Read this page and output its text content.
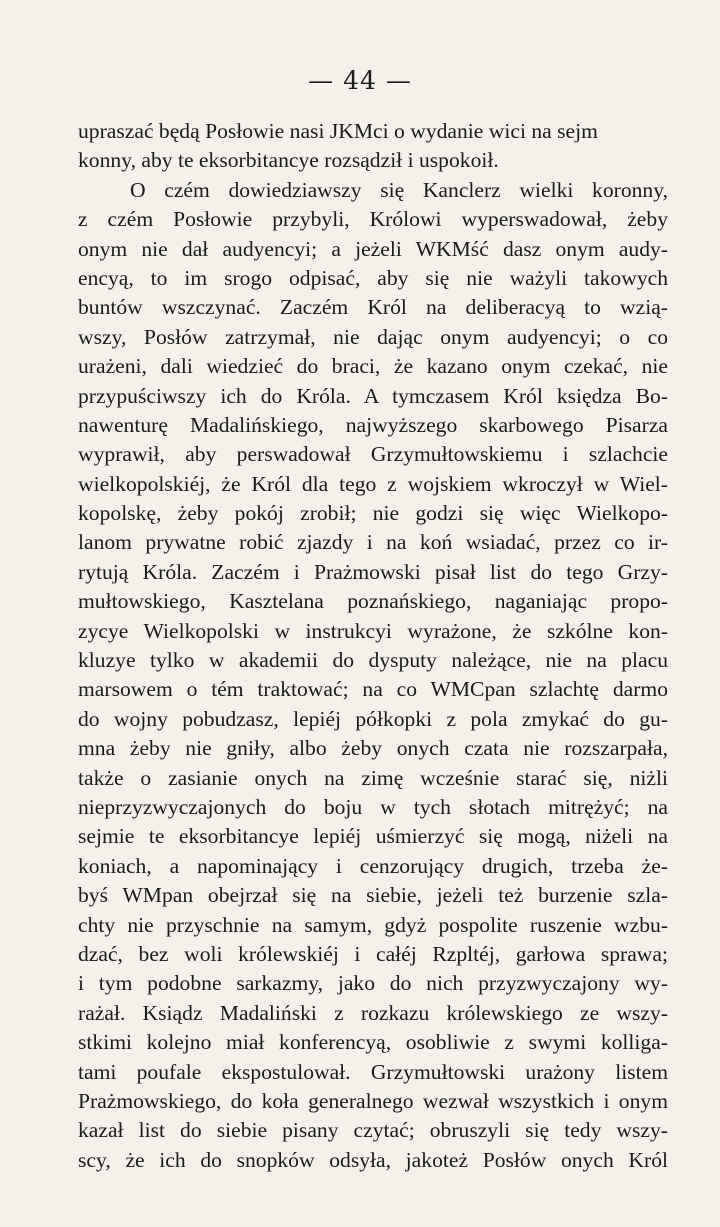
— 44 —
upraszać będą Posłowie nasi JKMci o wydanie wici na sejm
konny, aby te eksorbitancye rozsądził i uspokoił.
O czém dowiedziawszy się Kanclerz wielki koronny,
z czém Posłowie przybyli, Królowi wyperswadował, żeby
onym nie dał audyencyi; a jeżeli WKMść dasz onym audy-
encyą, to im srogo odpisać, aby się nie ważyli takowych
buntów wszczynać. Zaczém Król na deliberacyą to wzią-
wszy, Posłów zatrzymał, nie dając onym audyencyi; o co
urażeni, dali wiedzieć do braci, że kazano onym czekać, nie
przypuściwszy ich do Króla. A tymczasem Król księdza Bo-
nawenturę Madalińskiego, najwyższego skarbowego Pisarza
wyprawił, aby perswadował Grzymułtowskiemu i szlachcie
wielkopolskiéj, że Król dla tego z wojskiem wkroczył w Wiel-
kopolskę, żeby pokój zrobił; nie godzi się więc Wielkopo-
lanom prywatne robić zjazdy i na koń wsiadać, przez co ir-
rytują Króla. Zaczém i Prażmowski pisał list do tego Grzy-
mułtowskiego, Kasztelana poznańskiego, naganiając propo-
zycye Wielkopolski w instrukcyi wyrażone, że szkólne kon-
kluzye tylko w akademii do dysputy należące, nie na placu
marsowem o tém traktować; na co WMCpan szlachtę darmo
do wojny pobudzasz, lepiéj półkopki z pola zmykać do gu-
mna żeby nie gniły, albo żeby onych czata nie rozszarpała,
także o zasianie onych na zimę wcześnie starać się, niżli
nieprzyzwyczajonych do boju w tych słotach mitrężyć; na
sejmie te eksorbitancye lepiéj uśmierzyć się mogą, niżeli na
koniach, a napominający i cenzorujący drugich, trzeba że-
byś WMpan obejrzał się na siebie, jeżeli też burzenie szla-
chty nie przyschnie na samym, gdyż pospolite ruszenie wzbu-
dzać, bez woli królewskiéj i całéj Rzpltéj, garłowa sprawa;
i tym podobne sarkazmy, jako do nich przyzwyczajony wy-
rażał. Ksiądz Madaliński z rozkazu królewskiego ze wszy-
stkimi kolejno miał konferencyą, osobliwie z swymi kolliga-
tami poufale ekspostulował. Grzymułtowski urażony listem
Prażmowskiego, do koła generalnego wezwał wszystkich i onym
kazał list do siebie pisany czytać; obruszyli się tedy wszy-
scy, że ich do snopków odsyła, jakoteż Posłów onych Król
